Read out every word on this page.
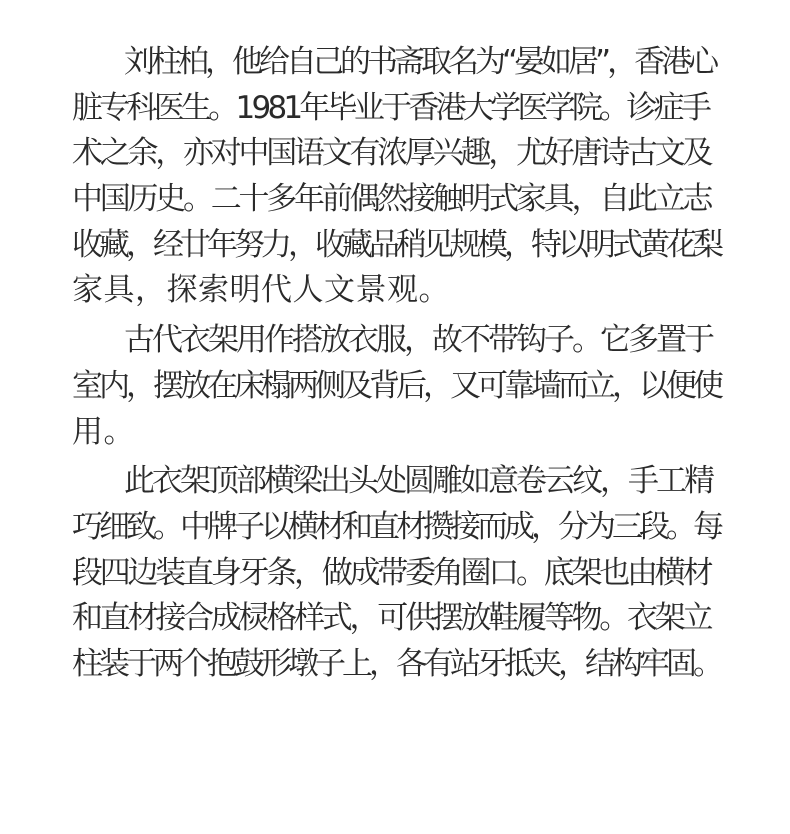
刘柱柏，他给自己的书斋取名为“晏如居”，香港心
脏专科医生。1981年毕业于香港大学医学院。诊症手
术之余，亦对中国语文有浓厚兴趣，尤好唐诗古文及
中国历史。二十多年前偶然接触明式家具，自此立志
收藏，经廿年努力，收藏品稍见规模，特以明式黄花梨
家具，探索明代人文景观。

古代衣架用作搭放衣服，故不带钩子。它多置于
室内，摆放在床榻两侧及背后，又可靠墙而立，以便使
用。

此衣架顶部横梁出头处圆雕如意卷云纹，手工精
巧细致。中牌子以横材和直材攒接而成，分为三段。每
段四边装直身牙条，做成带委角圈口。底架也由横材
和直材接合成棂格样式，可供摆放鞋履等物。衣架立
柱装于两个抱鼓形墩子上，各有站牙抵夹，结构牢固。
